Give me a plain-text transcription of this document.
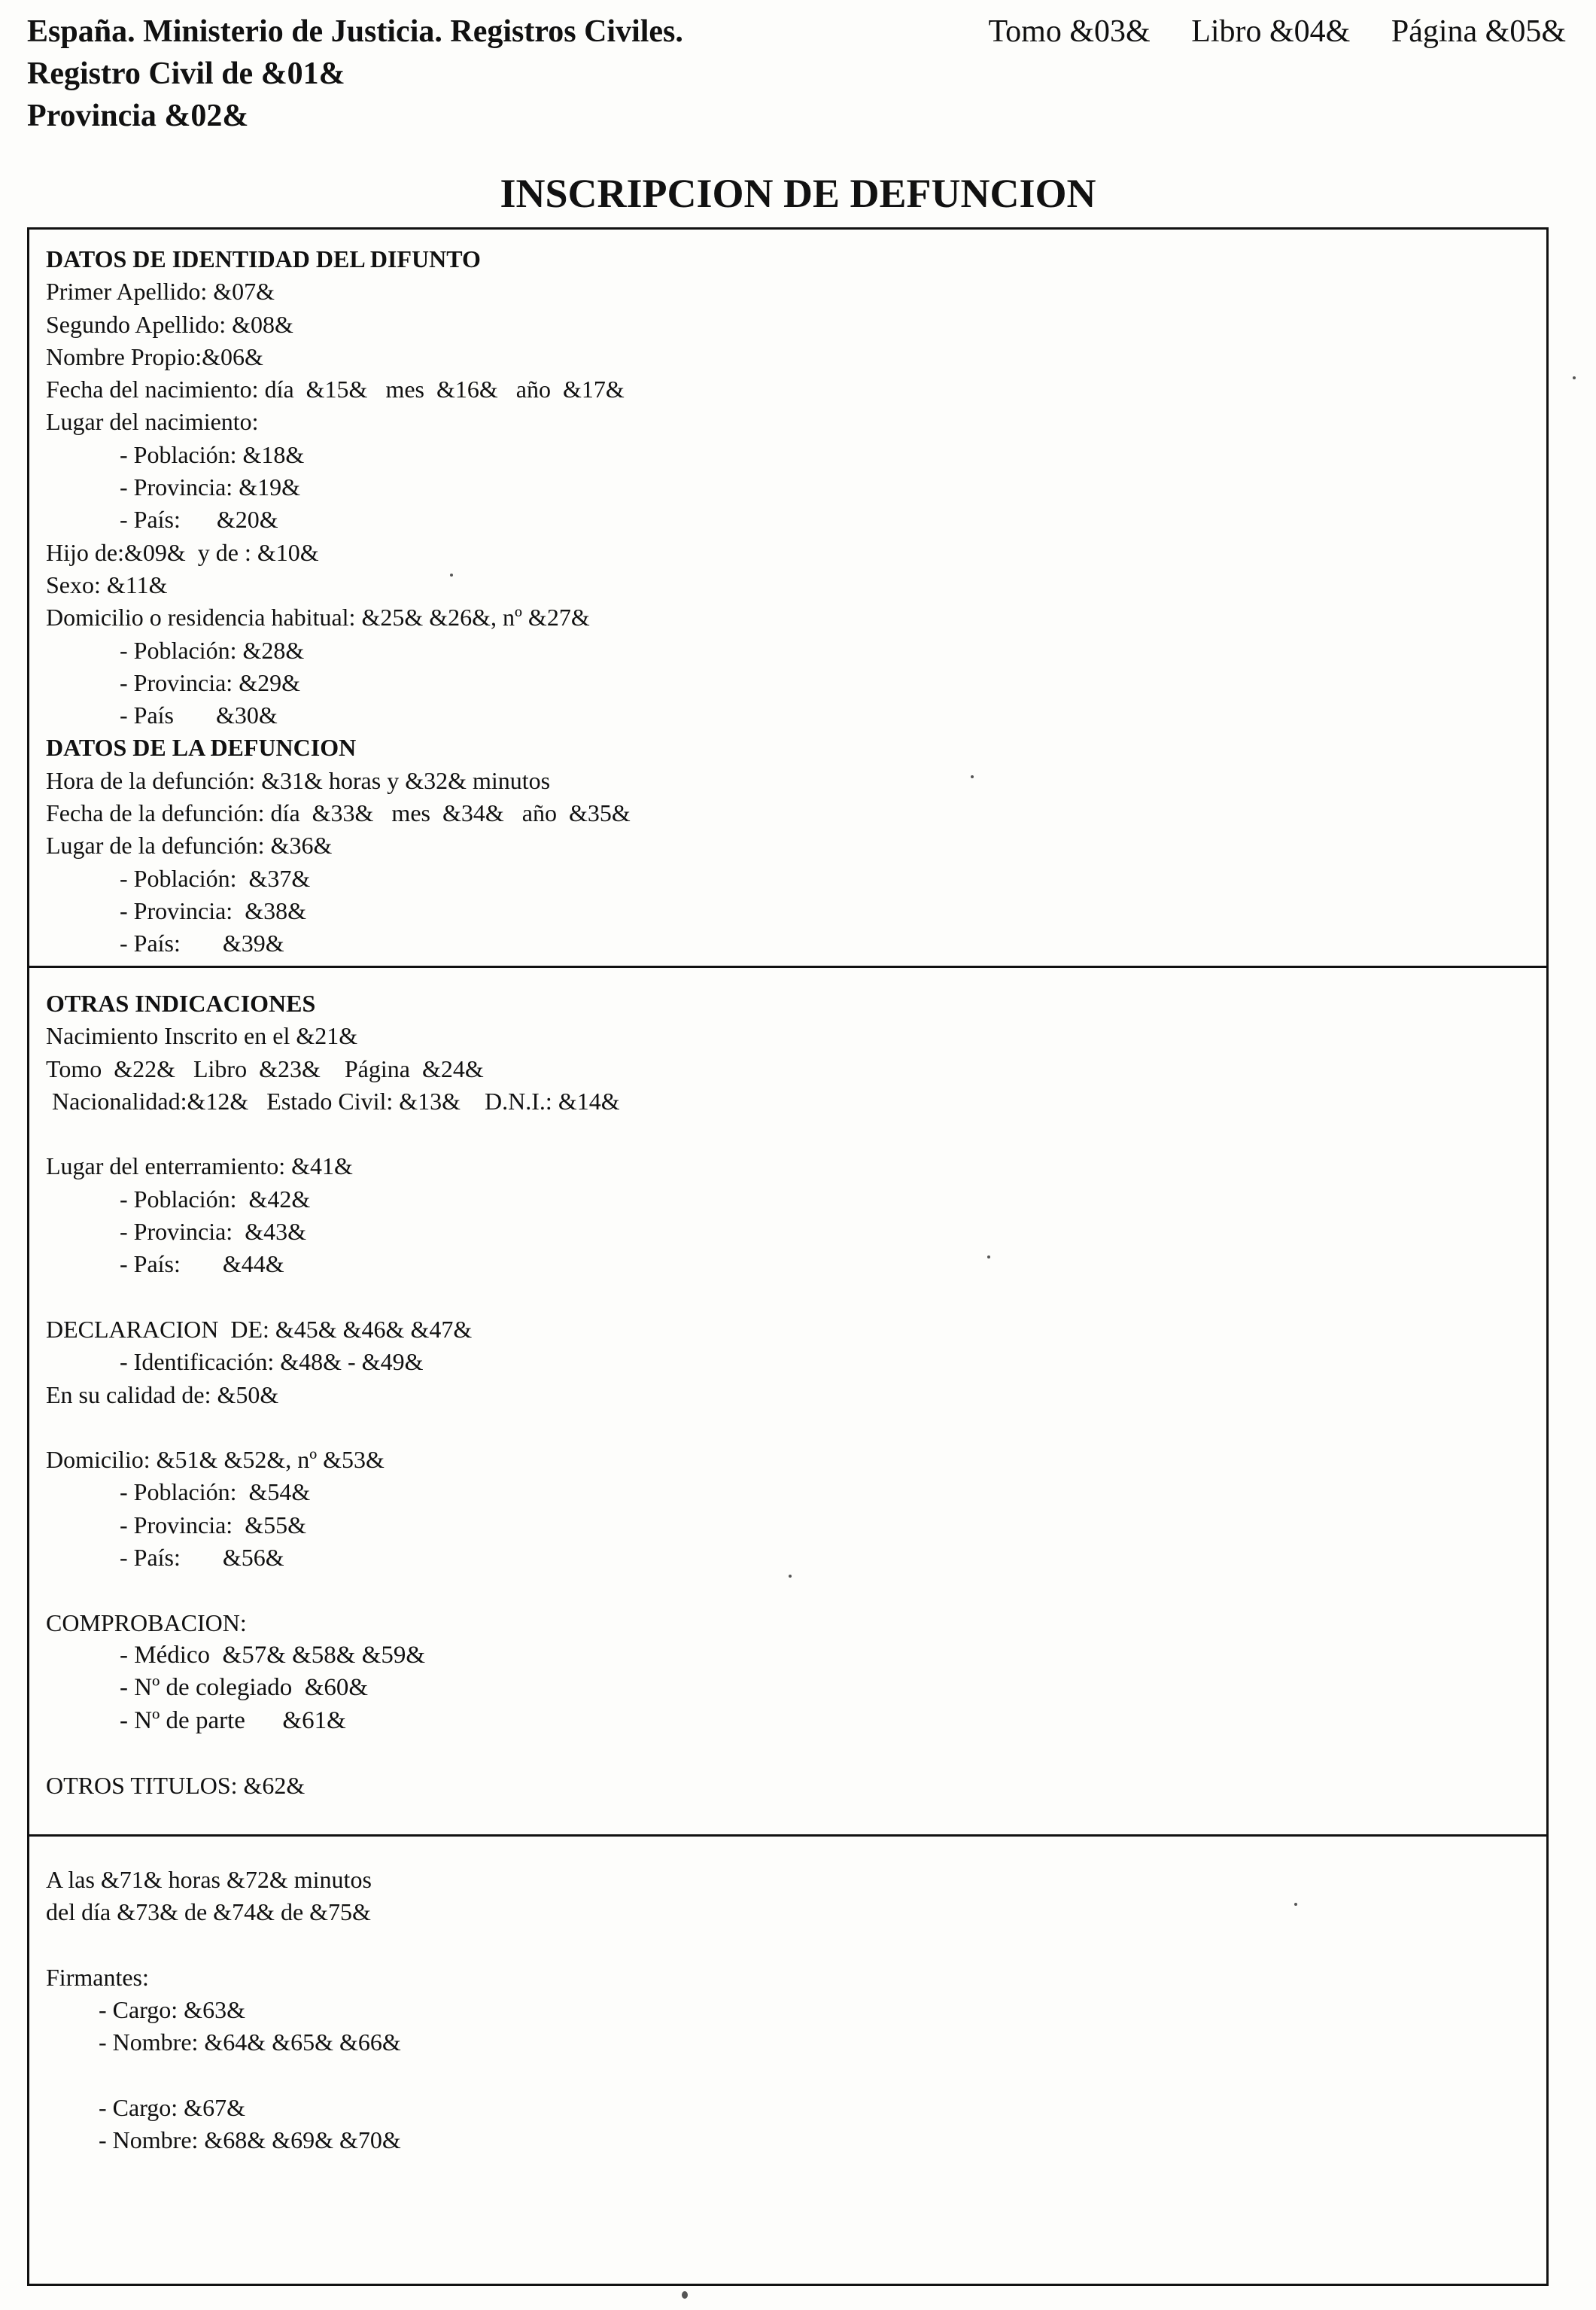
España. Ministerio de Justicia. Registros Civiles.
Registro Civil de &01&
Provincia &02&
Tomo &03& Libro &04& Página &05&
INSCRIPCION DE DEFUNCION
DATOS DE IDENTIDAD DEL DIFUNTO
Primer Apellido: &07&
Segundo Apellido: &08&
Nombre Propio:&06&
Fecha del nacimiento: día  &15&   mes  &16&   año  &17&
Lugar del nacimiento:
- Población: &18&
- Provincia: &19&
- País:      &20&
Hijo de:&09&  y de : &10&
Sexo: &11&
Domicilio o residencia habitual: &25& &26&, nº &27&
- Población: &28&
- Provincia: &29&
- País       &30&
DATOS DE LA DEFUNCION
Hora de la defunción: &31& horas y &32& minutos
Fecha de la defunción: día  &33&   mes  &34&   año  &35&
Lugar de la defunción: &36&
- Población:  &37&
- Provincia:  &38&
- País:       &39&
OTRAS INDICACIONES
Nacimiento Inscrito en el &21&
Tomo  &22&   Libro  &23&    Página  &24&
Nacionalidad:&12&   Estado Civil: &13&    D.N.I.: &14&
Lugar del enterramiento: &41&
- Población:  &42&
- Provincia:  &43&
- País:       &44&
DECLARACION  DE: &45& &46& &47&
- Identificación: &48& - &49&
En su calidad de: &50&
Domicilio: &51& &52&, nº &53&
- Población:  &54&
- Provincia:  &55&
- País:       &56&
COMPROBACION:
- Médico  &57& &58& &59&
- Nº de colegiado  &60&
- Nº de parte      &61&
OTROS TITULOS: &62&
A las &71& horas &72& minutos
del día &73& de &74& de &75&
Firmantes:
- Cargo: &63&
- Nombre: &64& &65& &66&
- Cargo: &67&
- Nombre: &68& &69& &70&
